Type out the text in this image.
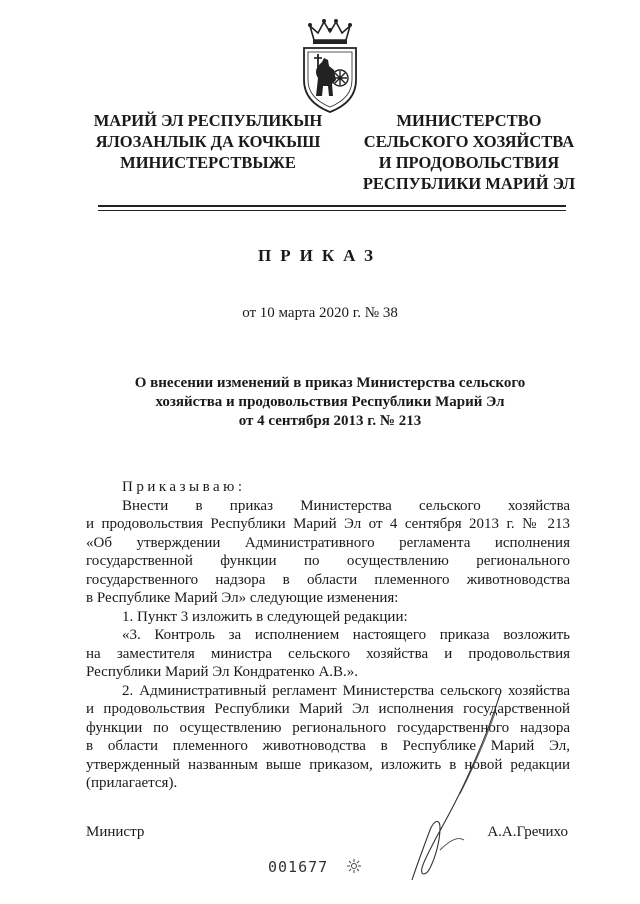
МАРИЙ ЭЛ РЕСПУБЛИКЫН
ЯЛОЗАНЛЫК ДА КОЧКЫШ
МИНИСТЕРСТВЫЖЕ
МИНИСТЕРСТВО
СЕЛЬСКОГО ХОЗЯЙСТВА
И ПРОДОВОЛЬСТВИЯ
РЕСПУБЛИКИ МАРИЙ ЭЛ
ПРИКАЗ
от 10 марта 2020 г. № 38
О внесении изменений в приказ Министерства сельского
хозяйства и продовольствия Республики Марий Эл
от 4 сентября 2013 г. № 213
Приказываю:
Внести в приказ Министерства сельского хозяйства
и продовольствия Республики Марий Эл от 4 сентября 2013 г. № 213
«Об утверждении Административного регламента исполнения
государственной функции по осуществлению регионального
государственного надзора в области племенного животноводства
в Республике Марий Эл» следующие изменения:
1. Пункт 3 изложить в следующей редакции:
«3. Контроль за исполнением настоящего приказа возложить
на заместителя министра сельского хозяйства и продовольствия
Республики Марий Эл Кондратенко А.В.».
2. Административный регламент Министерства сельского хозяйства
и продовольствия Республики Марий Эл исполнения государственной
функции по осуществлению регионального государственного надзора
в области племенного животноводства в Республике Марий Эл,
утвержденный названным выше приказом, изложить в новой редакции
(прилагается).
Министр	А.А.Гречихо
001677
